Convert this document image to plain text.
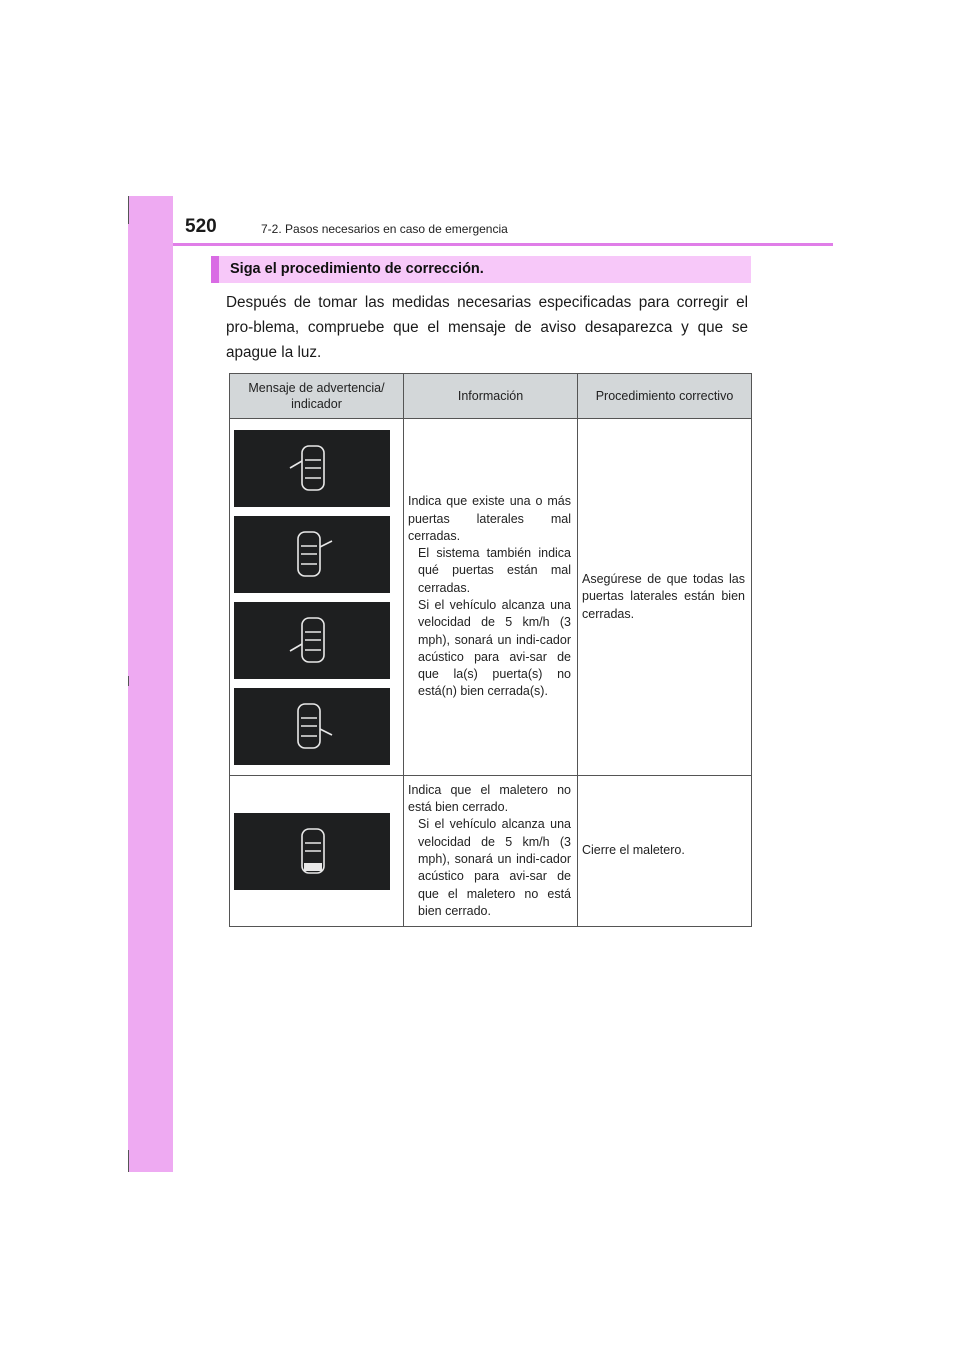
520	7-2. Pasos necesarios en caso de emergencia
Siga el procedimiento de corrección.

Después de tomar las medidas necesarias especificadas para corregir el pro-blema, compruebe que el mensaje de aviso desaparezca y que se apague la luz.

Mensaje de advertencia/ indicador	Información	Procedimiento correctivo

Indica que existe una o más puertas laterales mal cerradas.

El sistema también indica qué puertas están mal cerradas.

Si el vehículo alcanza una velocidad de 5 km/h (3 mph), sonará un indi-cador acústico para avi-sar de que la(s) puerta(s) no está(n) bien cerrada(s).	Asegúrese de que todas las puertas laterales están bien cerradas.

Indica que el maletero no está bien cerrado.

Si el vehículo alcanza una velocidad de 5 km/h (3 mph), sonará un indi-cador acústico para avi-sar de que el maletero no está bien cerrado.	Cierre el maletero.
